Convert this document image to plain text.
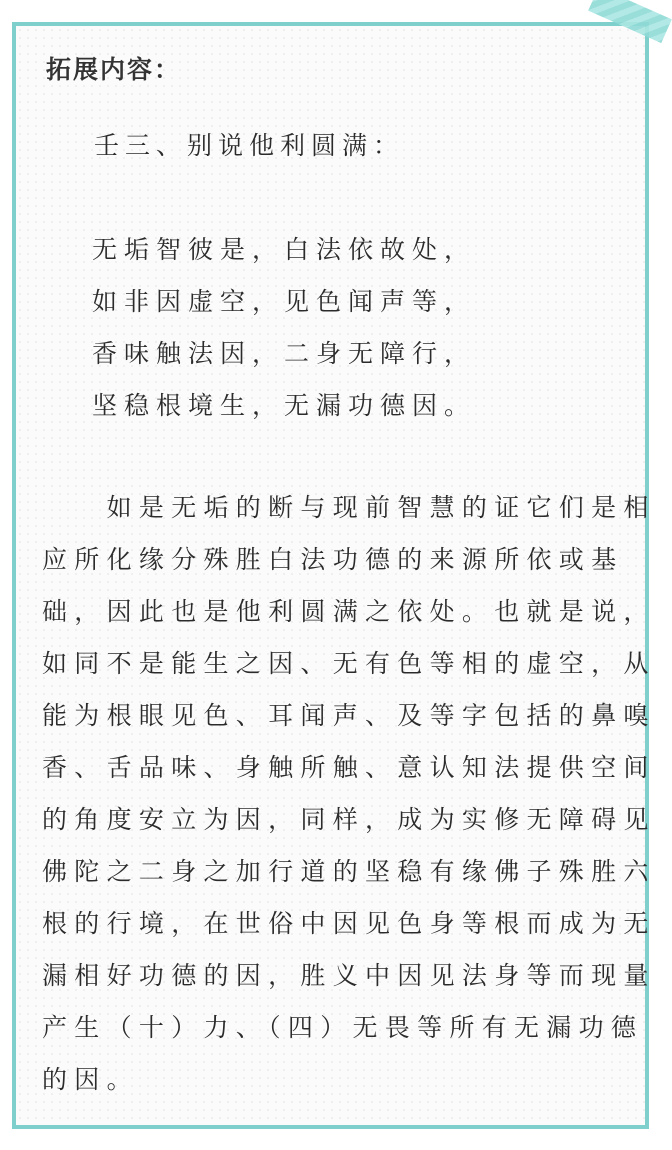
拓展内容：

壬三、别说他利圆满：

无垢智彼是，白法依故处，
如非因虚空，见色闻声等，
香味触法因，二身无障行，
坚稳根境生，无漏功德因。
　　如是无垢的断与现前智慧的证它们是相
应所化缘分殊胜白法功德的来源所依或基
础，因此也是他利圆满之依处。也就是说，
如同不是能生之因、无有色等相的虚空，从
能为根眼见色、耳闻声、及等字包括的鼻嗅
香、舌品味、身触所触、意认知法提供空间
的角度安立为因，同样，成为实修无障碍见
佛陀之二身之加行道的坚稳有缘佛子殊胜六
根的行境，在世俗中因见色身等根而成为无
漏相好功德的因，胜义中因见法身等而现量
产生（十）力、（四）无畏等所有无漏功德
的因。
